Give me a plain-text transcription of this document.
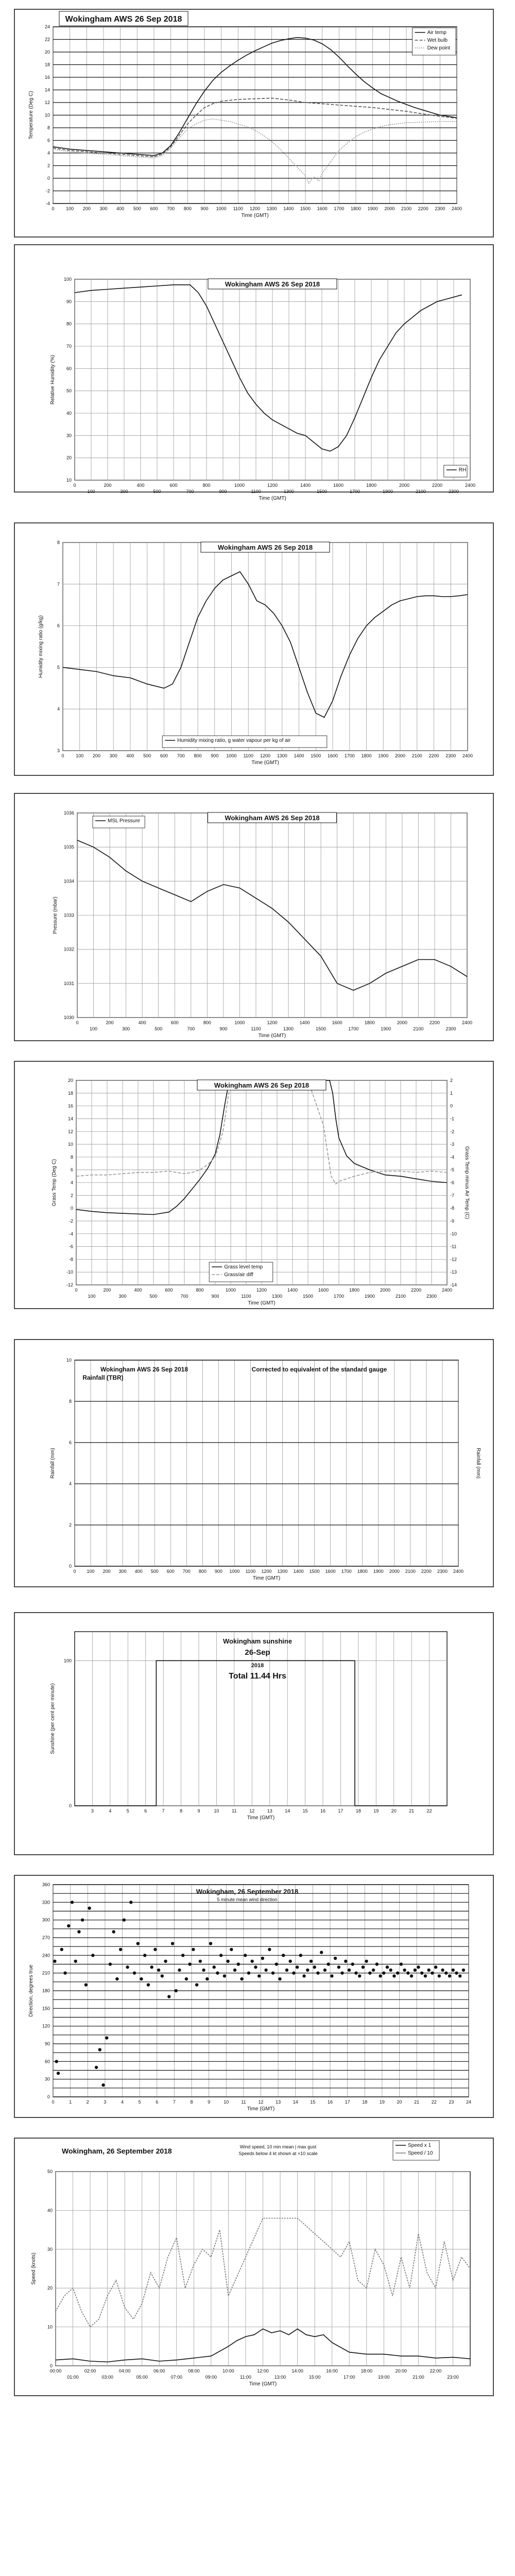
0	100 200 300 400 500 600 700 800 900 1000 1100 1200 1300 1400 1500 1600 1700 1800 1900 2000 2100 2200 2300 2400
-4
-2
0
2
4
6
8
10
12
14
16
18
20
22
24
Time (GMT)
Temperature (Deg C)
Wokingham AWS 26 Sep 2018
Air temp
Wet bulb
Dew point
0	200	400	600	800	1000	1200	1400	1600	1800	2000	2200	2400
100	300	500	700	900	1100	1300	1500	1700	1900	2100	2300
10
20
30
40
50
60
70
80
90
100
Time (GMT)
Relative Humidity (%)
Wokingham AWS 26 Sep 2018
RH
0	100 200 300 400 500 600 700 800 900 1000 1100 1200 1300 1400 1500 1600 1700 1800 1900 2000 2100 2200 2300 2400
3
4
5
6
7
8
Time (GMT)
Humidity mixing ratio (g/kg)
Wokingham AWS 26 Sep 2018
Humidity mixing ratio, g water vapour per kg of air
0	200	400	600	800	1000	1200	1400	1600	1800	2000	2200	2400
100	300	500	700	900	1100	1300	1500	1700	1900	2100	2300
1030
1031
1032
1033
1034
1035
1036
Time (GMT)
Pressure (mbar)
Wokingham AWS 26 Sep 2018
MSL Pressure
0	200	400	600	800	1000	1200	1400	1600	1800	2000	2200	2400
100	300	500	700	900	1100	1300	1500	1700	1900	2100	2300
-12
-10
-8
-6
-4
-2
0
2
4
6
8
10
12
14
16
18
20
-14
-13
-12
-11
-10
-9
-8
-7
-6
-5
-4
-3
-2
-1
0
1
2
Time (GMT)
Grass Temp (Deg C)	Grass Temp minus Air Temp (C)
Wokingham AWS 26 Sep 2018
Grass level temp
Grass/air diff
0 100 200 300 400 500 600 700 800 900 1000 1100 1200 1300 1400 1500 1600 1700 1800 1900 2000 2100 2200 2300 2400
0
2
4
6
8
10
Time (GMT)
Rainfall (mm)	Rainfall (mm)
Wokingham AWS 26 Sep 2018
Rainfall (TBR)
Corrected to equivalent of the standard gauge
3	4	5	6	7	8	9	10	11	12	13	14	15	16	17	18	19	20	21	22
0
100
Time (GMT)
Sunshine (per cent per minute)
Wokingham sunshine
26-Sep
2018
Total 11.44 Hrs
0	1	2	3	4	5	6	7	8	9	10	11	12	13	14	15	16	17	18	19	20	21	22	23	24
0
30
60
90
120
150
180
210
240
270
300
330
360
Time (GMT)
Direction, degrees true
Wokingham, 26 September 2018
5 minute mean wind direction
00:00	02:00	04:00	06:00	08:00	10:00	12:00	14:00	16:00	18:00	20:00	22:00
01:00	03:00	05:00	07:00	09:00	11:00	13:00	15:00	17:00	19:00	21:00	23:00
0
10
20
30
40
50
Time (GMT)
Speed (knots)
Wokingham, 26 September 2018	Wind speed, 10 min mean | max gust
Speeds below 4 kt shown at ×10 scale
Speed x 1
Speed / 10
